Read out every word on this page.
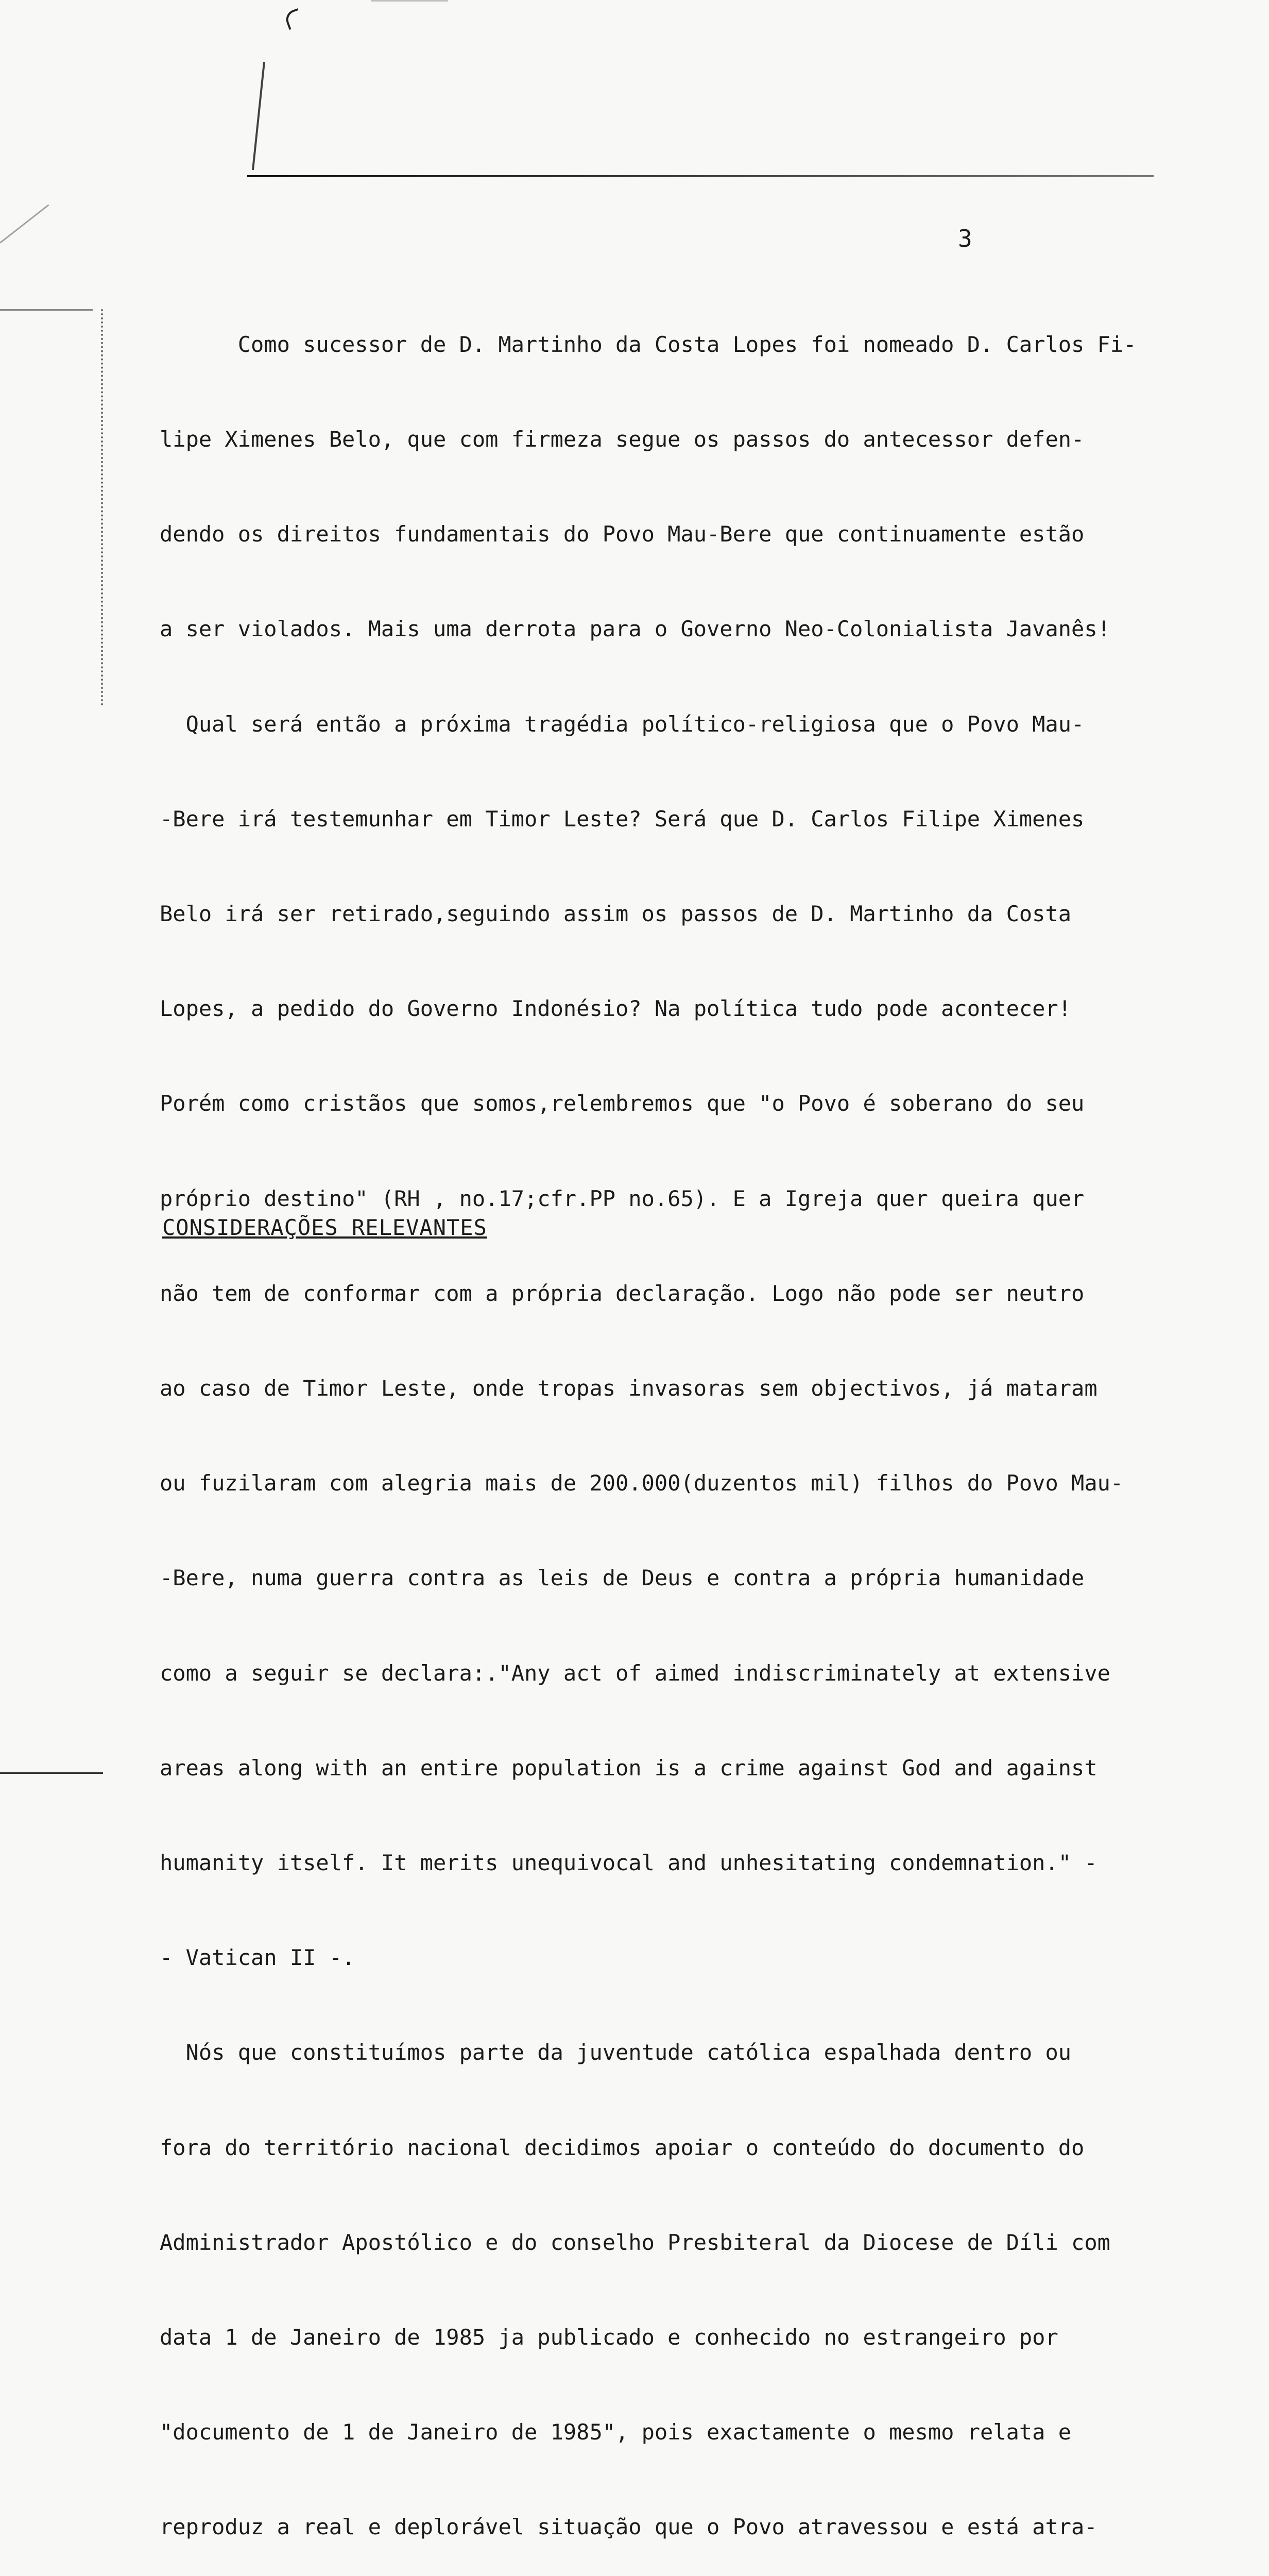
3

Como sucessor de D. Martinho da Costa Lopes foi nomeado D. Carlos Fi-

lipe Ximenes Belo, que com firmeza segue os passos do antecessor defen-

dendo os direitos fundamentais do Povo Mau-Bere que continuamente estão

a ser violados. Mais uma derrota para o Governo Neo-Colonialista Javanês!

Qual será então a próxima tragédia político-religiosa que o Povo Mau-

-Bere irá testemunhar em Timor Leste? Será que D. Carlos Filipe Ximenes

Belo irá ser retirado,seguindo assim os passos de D. Martinho da Costa

Lopes, a pedido do Governo Indonésio? Na política tudo pode acontecer!

Porém como cristãos que somos,relembremos que "o Povo é soberano do seu

próprio destino" (RH , no.17;cfr.PP no.65). E a Igreja quer queira quer

não tem de conformar com a própria declaração. Logo não pode ser neutro

ao caso de Timor Leste, onde tropas invasoras sem objectivos, já mataram

ou fuzilaram com alegria mais de 200.000(duzentos mil) filhos do Povo Mau-

-Bere, numa guerra contra as leis de Deus e contra a própria humanidade

como a seguir se declara:."Any act of aimed indiscriminately at extensive

areas along with an entire population is a crime against God and against

humanity itself. It merits unequivocal and unhesitating condemnation." -

- Vatican II -.

Nós que constituímos parte da juventude católica espalhada dentro ou

fora do território nacional decidimos apoiar o conteúdo do documento do

Administrador Apostólico e do conselho Presbiteral da Diocese de Díli com

data 1 de Janeiro de 1985 ja publicado e conhecido no estrangeiro por

"documento de 1 de Janeiro de 1985", pois exactamente o mesmo relata e

reproduz a real e deplorável situação que o Povo atravessou e está atra-

CONSIDERAÇÕES RELEVANTES
